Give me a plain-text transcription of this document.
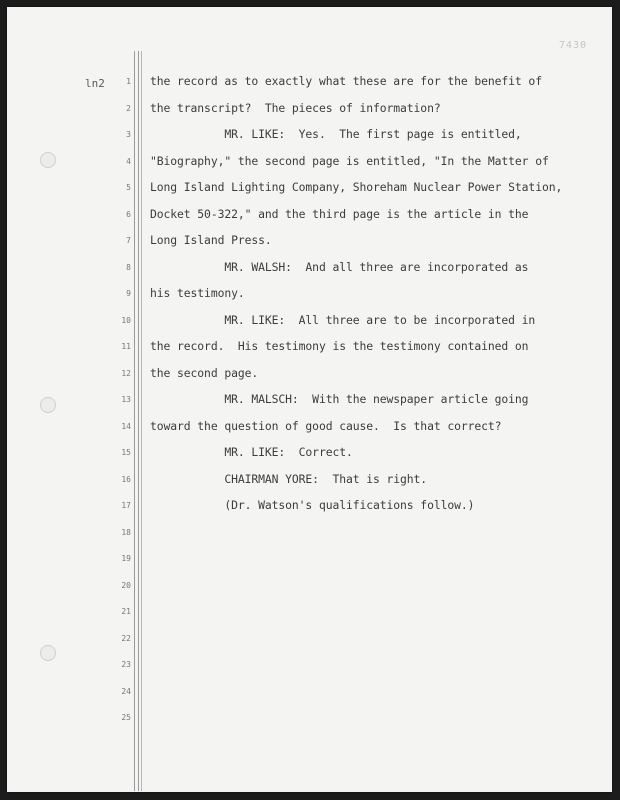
7430
ln2	1
2
3
4
5
6
7
8
9
10
11
12
13
14
15
16
17
18
19
20
21
22
23
24
25
the record as to exactly what these are for the benefit of
the transcript?  The pieces of information?
MR. LIKE:  Yes.  The first page is entitled,
"Biography," the second page is entitled, "In the Matter of
Long Island Lighting Company, Shoreham Nuclear Power Station,
Docket 50-322," and the third page is the article in the
Long Island Press.
MR. WALSH:  And all three are incorporated as
his testimony.
MR. LIKE:  All three are to be incorporated in
the record.  His testimony is the testimony contained on
the second page.
MR. MALSCH:  With the newspaper article going
toward the question of good cause.  Is that correct?
MR. LIKE:  Correct.
CHAIRMAN YORE:  That is right.
(Dr. Watson's qualifications follow.)
